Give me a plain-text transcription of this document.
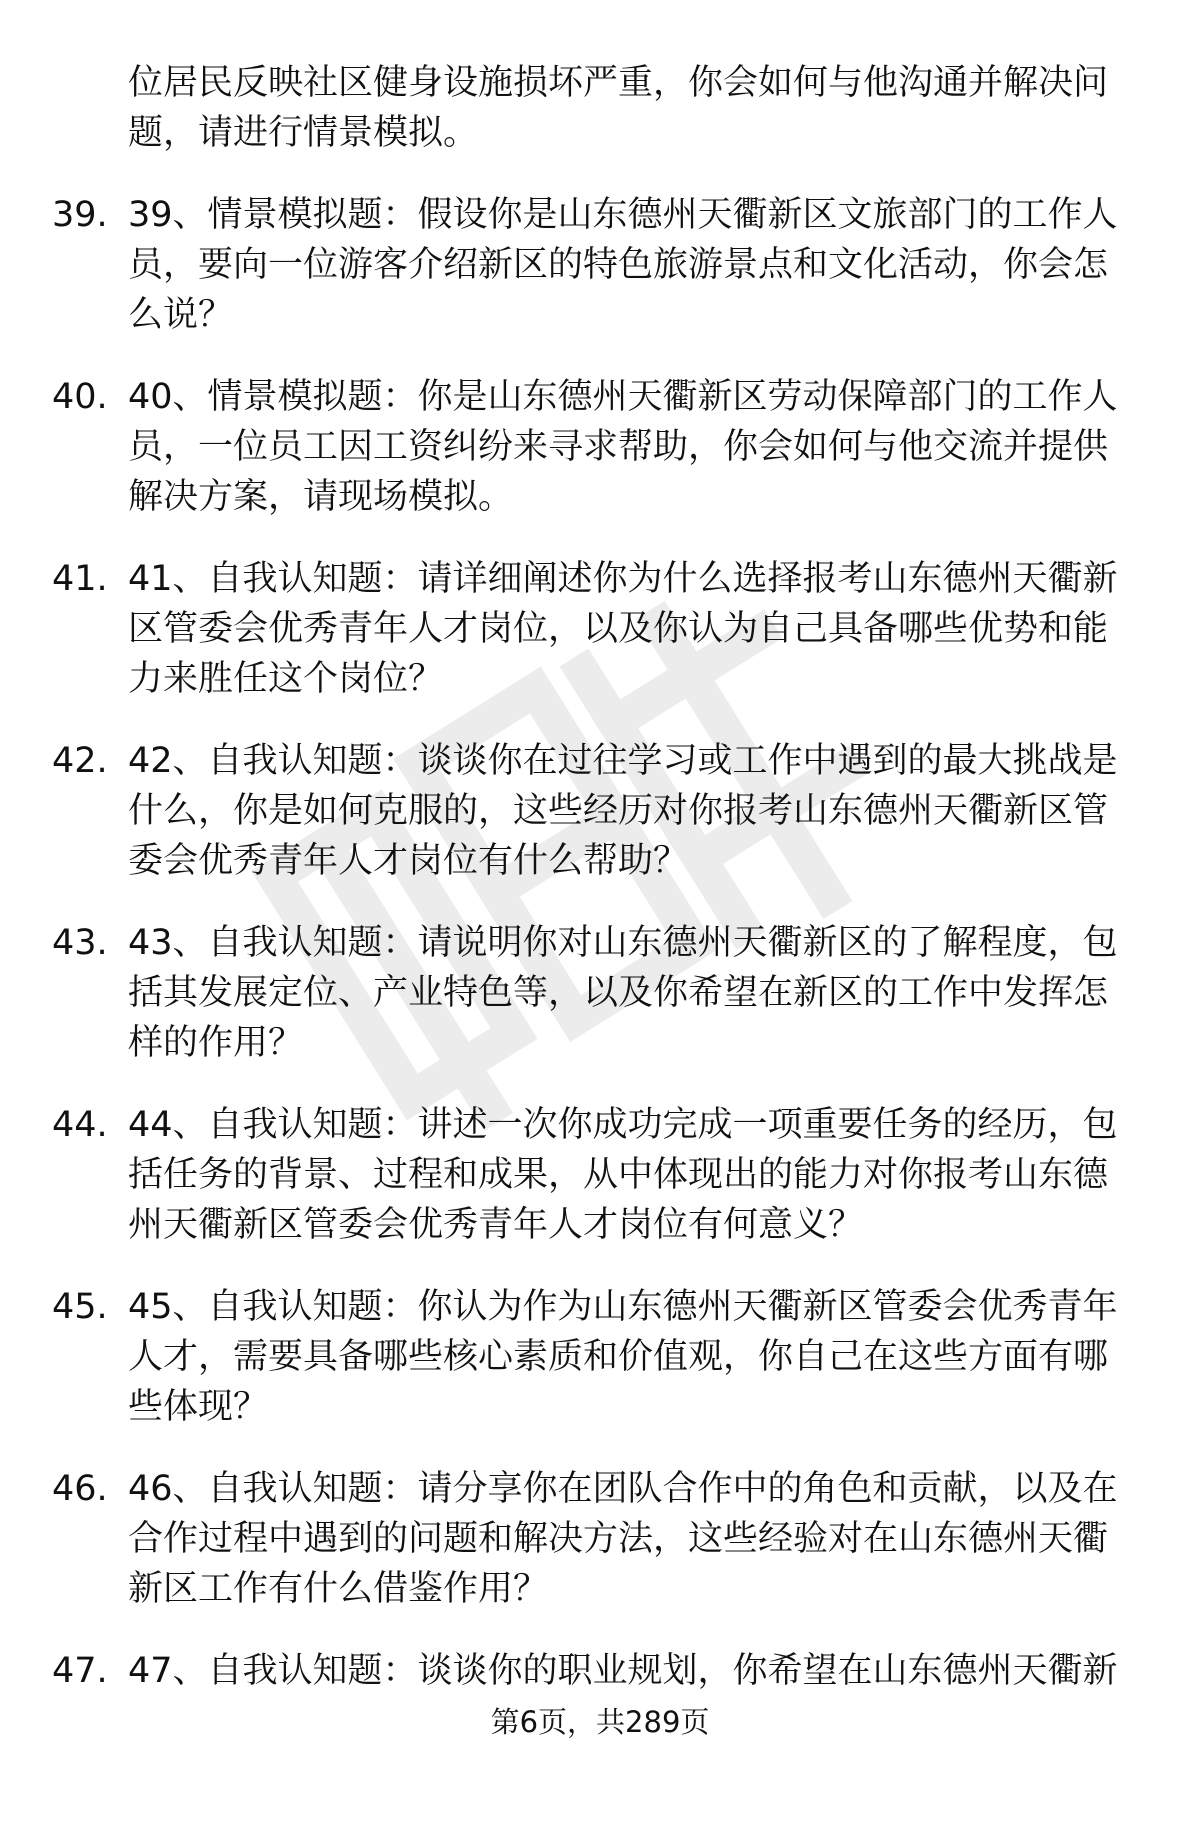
位居民反映社区健身设施损坏严重，你会如何与他沟通并解决问
题，请进行情景模拟。
39. 39、情景模拟题：假设你是山东德州天衢新区文旅部门的工作人
员，要向一位游客介绍新区的特色旅游景点和文化活动，你会怎
么说？
40. 40、情景模拟题：你是山东德州天衢新区劳动保障部门的工作人
员，一位员工因工资纠纷来寻求帮助，你会如何与他交流并提供
解决方案，请现场模拟。
41. 41、自我认知题：请详细阐述你为什么选择报考山东德州天衢新
区管委会优秀青年人才岗位，以及你认为自己具备哪些优势和能
力来胜任这个岗位？
42. 42、自我认知题：谈谈你在过往学习或工作中遇到的最大挑战是
什么，你是如何克服的，这些经历对你报考山东德州天衢新区管
委会优秀青年人才岗位有什么帮助？
43. 43、自我认知题：请说明你对山东德州天衢新区的了解程度，包
括其发展定位、产业特色等，以及你希望在新区的工作中发挥怎
样的作用？
44. 44、自我认知题：讲述一次你成功完成一项重要任务的经历，包
括任务的背景、过程和成果，从中体现出的能力对你报考山东德
州天衢新区管委会优秀青年人才岗位有何意义？
45. 45、自我认知题：你认为作为山东德州天衢新区管委会优秀青年
人才，需要具备哪些核心素质和价值观，你自己在这些方面有哪
些体现？
46. 46、自我认知题：请分享你在团队合作中的角色和贡献，以及在
合作过程中遇到的问题和解决方法，这些经验对在山东德州天衢
新区工作有什么借鉴作用？
47. 47、自我认知题：谈谈你的职业规划，你希望在山东德州天衢新
第6页，共289页
